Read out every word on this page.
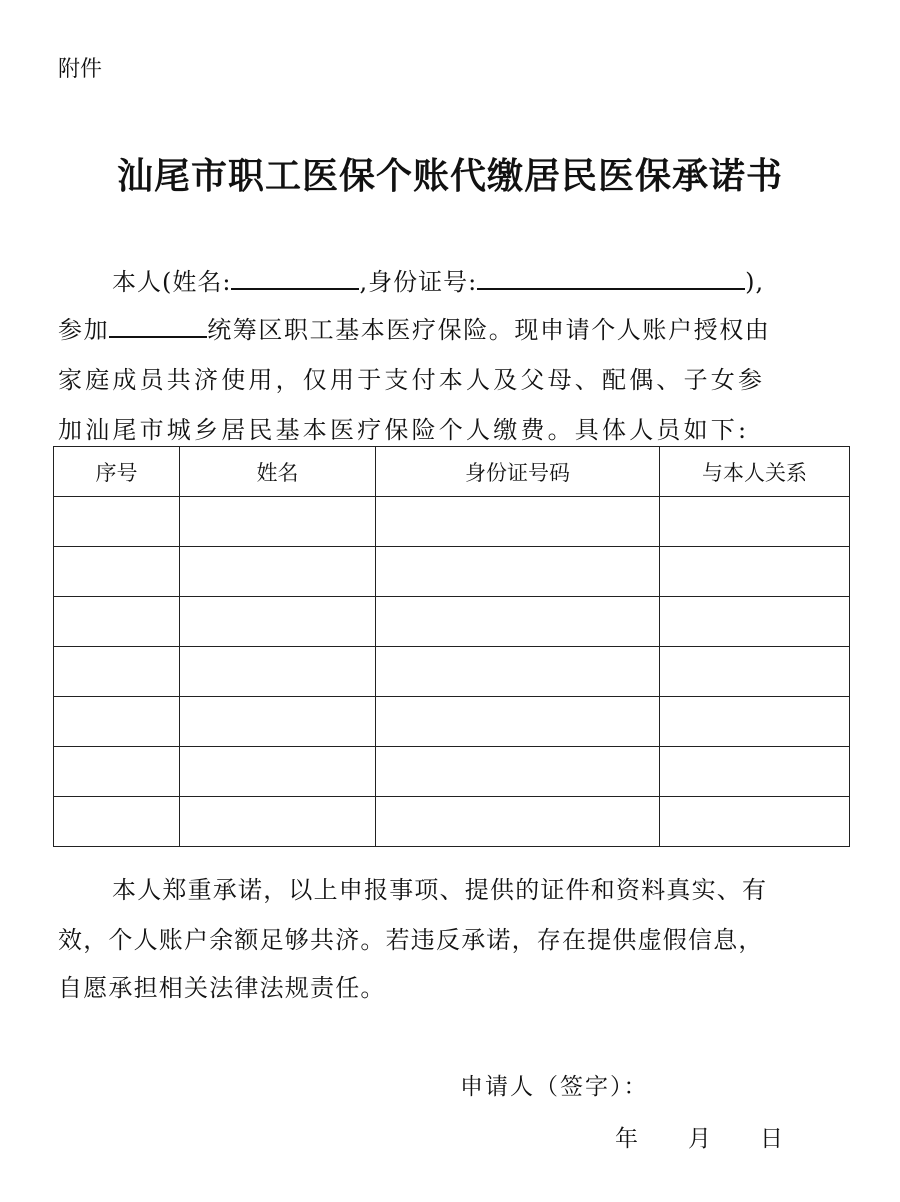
附件
汕尾市职工医保个账代缴居民医保承诺书
本人(姓名:	,身份证号:	),
参加	统筹区职工基本医疗保险。现申请个人账户授权由
家庭成员共济使用，仅用于支付本人及父母、配偶、子女参
加汕尾市城乡居民基本医疗保险个人缴费。具体人员如下:
序号	姓名	身份证号码	与本人关系

本人郑重承诺，以上申报事项、提供的证件和资料真实、有
效，个人账户余额足够共济。若违反承诺，存在提供虚假信息，
自愿承担相关法律法规责任。
申请人（签字）：
年 月 日
